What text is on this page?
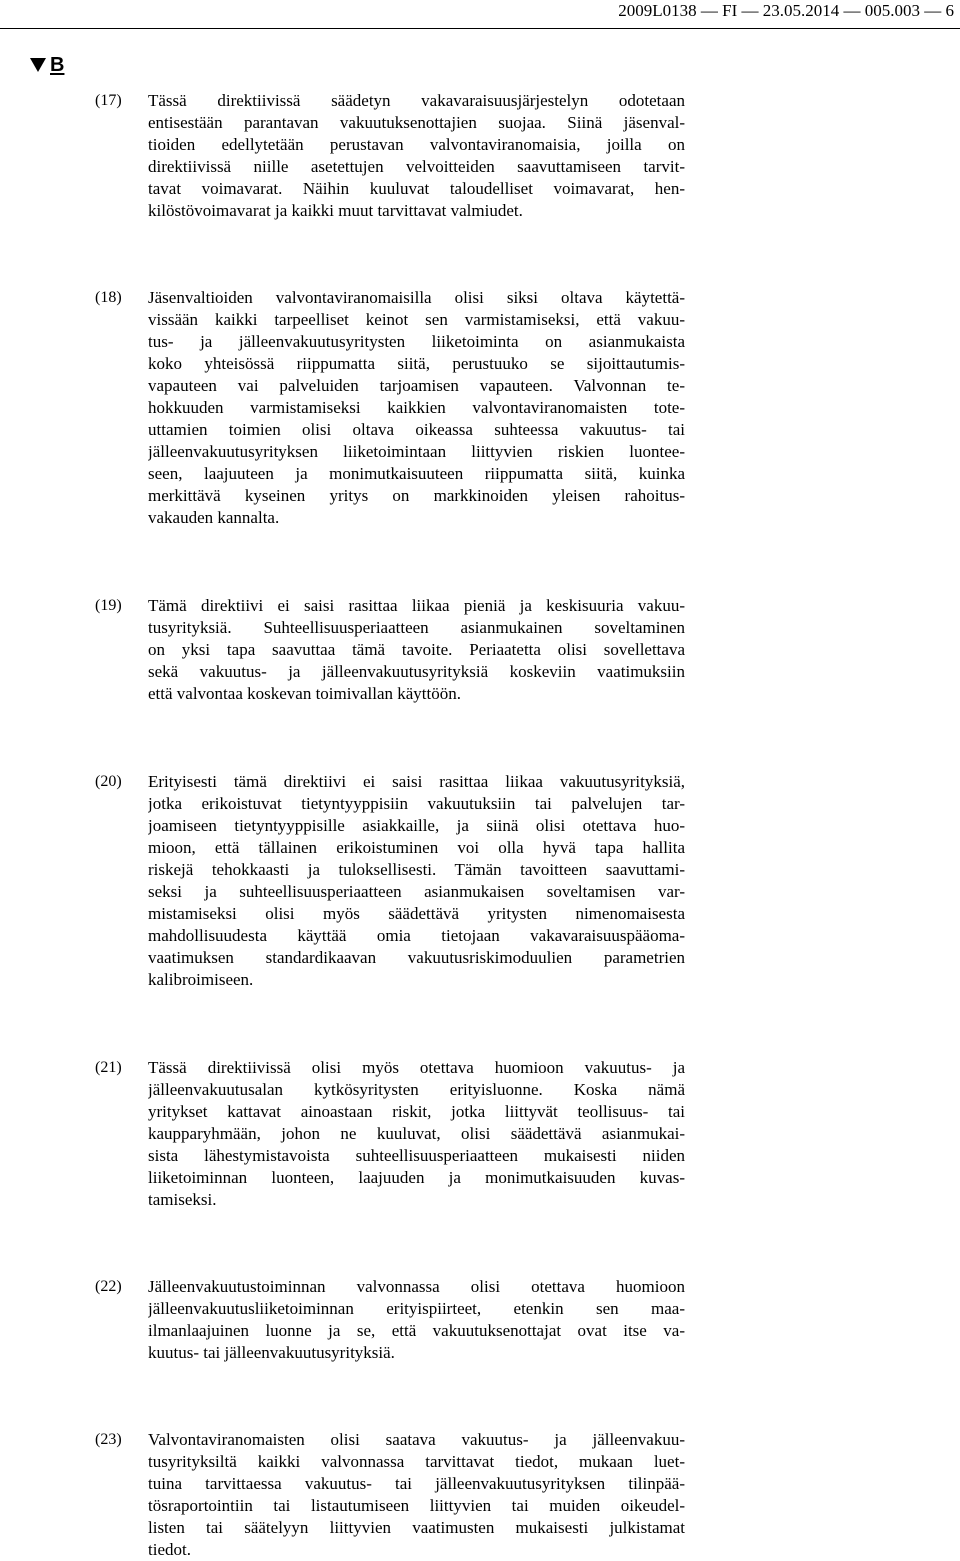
2009L0138 — FI — 23.05.2014 — 005.003 — 6
B
(17) Tässä direktiivissä säädetyn vakavaraisuusjärjestelyn odotetaan
entisestään parantavan vakuutuksenottajien suojaa. Siinä jäsenval-
tioiden edellytetään perustavan valvontaviranomaisia, joilla on
direktiivissä niille asetettujen velvoitteiden saavuttamiseen tarvit-
tavat voimavarat. Näihin kuuluvat taloudelliset voimavarat, hen-
kilöstövoimavarat ja kaikki muut tarvittavat valmiudet.
(18) Jäsenvaltioiden valvontaviranomaisilla olisi siksi oltava käytettä-
vissään kaikki tarpeelliset keinot sen varmistamiseksi, että vakuu-
tus- ja jälleenvakuutusyritysten liiketoiminta on asianmukaista
koko yhteisössä riippumatta siitä, perustuuko se sijoittautumis-
vapauteen vai palveluiden tarjoamisen vapauteen. Valvonnan te-
hokkuuden varmistamiseksi kaikkien valvontaviranomaisten tote-
uttamien toimien olisi oltava oikeassa suhteessa vakuutus- tai
jälleenvakuutusyrityksen liiketoimintaan liittyvien riskien luontee-
seen, laajuuteen ja monimutkaisuuteen riippumatta siitä, kuinka
merkittävä kyseinen yritys on markkinoiden yleisen rahoitus-
vakauden kannalta.
(19) Tämä direktiivi ei saisi rasittaa liikaa pieniä ja keskisuuria vakuu-
tusyrityksiä. Suhteellisuusperiaatteen asianmukainen soveltaminen
on yksi tapa saavuttaa tämä tavoite. Periaatetta olisi sovellettava
sekä vakuutus- ja jälleenvakuutusyrityksiä koskeviin vaatimuksiin
että valvontaa koskevan toimivallan käyttöön.
(20) Erityisesti tämä direktiivi ei saisi rasittaa liikaa vakuutusyrityksiä,
jotka erikoistuvat tietyntyyppisiin vakuutuksiin tai palvelujen tar-
joamiseen tietyntyyppisille asiakkaille, ja siinä olisi otettava huo-
mioon, että tällainen erikoistuminen voi olla hyvä tapa hallita
riskejä tehokkaasti ja tuloksellisesti. Tämän tavoitteen saavuttami-
seksi ja suhteellisuusperiaatteen asianmukaisen soveltamisen var-
mistamiseksi olisi myös säädettävä yritysten nimenomaisesta
mahdollisuudesta käyttää omia tietojaan vakavaraisuuspääoma-
vaatimuksen standardikaavan vakuutusriskimoduulien parametrien
kalibroimiseen.
(21) Tässä direktiivissä olisi myös otettava huomioon vakuutus- ja
jälleenvakuutusalan kytkösyritysten erityisluonne. Koska nämä
yritykset kattavat ainoastaan riskit, jotka liittyvät teollisuus- tai
kaupparyhmään, johon ne kuuluvat, olisi säädettävä asianmukai-
sista lähestymistavoista suhteellisuusperiaatteen mukaisesti niiden
liiketoiminnan luonteen, laajuuden ja monimutkaisuuden kuvas-
tamiseksi.
(22) Jälleenvakuutustoiminnan valvonnassa olisi otettava huomioon
jälleenvakuutusliiketoiminnan erityispiirteet, etenkin sen maa-
ilmanlaajuinen luonne ja se, että vakuutuksenottajat ovat itse va-
kuutus- tai jälleenvakuutusyrityksiä.
(23) Valvontaviranomaisten olisi saatava vakuutus- ja jälleenvakuu-
tusyrityksiltä kaikki valvonnassa tarvittavat tiedot, mukaan luet-
tuina tarvittaessa vakuutus- tai jälleenvakuutusyrityksen tilinpää-
tösraportointiin tai listautumiseen liittyvien tai muiden oikeudel-
listen tai säätelyyn liittyvien vaatimusten mukaisesti julkistamat
tiedot.
